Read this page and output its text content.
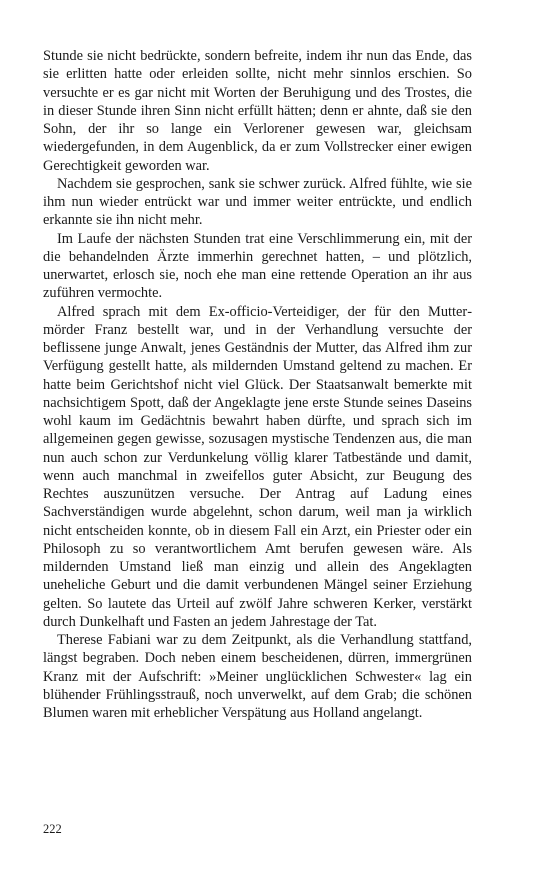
Stunde sie nicht bedrückte, sondern befreite, indem ihr nun das Ende, das sie erlitten hatte oder erleiden sollte, nicht mehr sinnlos erschien. So versuchte er es gar nicht mit Worten der Beruhigung und des Trostes, die in dieser Stunde ihren Sinn nicht erfüllt hätten; denn er ahnte, daß sie den Sohn, der ihr so lange ein Verlorener gewesen war, gleichsam wiedergefunden, in dem Augenblick, da er zum Vollstrecker einer ewigen Gerechtigkeit geworden war.

Nachdem sie gesprochen, sank sie schwer zurück. Alfred fühlte, wie sie ihm nun wieder entrückt war und immer weiter entrückte, und endlich erkannte sie ihn nicht mehr.

Im Laufe der nächsten Stunden trat eine Verschlimmerung ein, mit der die behandelnden Ärzte immerhin gerechnet hatten, – und plötzlich, unerwartet, erlosch sie, noch ehe man eine rettende Operation an ihr aus zuführen vermochte.

Alfred sprach mit dem Ex-officio-Verteidiger, der für den Muttermörder Franz bestellt war, und in der Verhandlung versuchte der beflissene junge Anwalt, jenes Geständnis der Mutter, das Alfred ihm zur Verfügung gestellt hatte, als mildernden Umstand geltend zu machen. Er hatte beim Gerichtshof nicht viel Glück. Der Staatsanwalt bemerkte mit nachsichtigem Spott, daß der Angeklagte jene erste Stunde seines Daseins wohl kaum im Gedächtnis bewahrt haben dürfte, und sprach sich im allgemeinen gegen gewisse, sozusagen mystische Tendenzen aus, die man nun auch schon zur Verdunkelung völlig klarer Tatbestände und damit, wenn auch manchmal in zweifellos guter Absicht, zur Beugung des Rechtes auszunützen versuche. Der Antrag auf Ladung eines Sachverständigen wurde abgelehnt, schon darum, weil man ja wirklich nicht entscheiden konnte, ob in diesem Fall ein Arzt, ein Priester oder ein Philosoph zu so verantwortlichem Amt berufen gewesen wäre. Als mildernden Umstand ließ man einzig und allein des Angeklagten uneheliche Geburt und die damit verbundenen Mängel seiner Erziehung gelten. So lautete das Urteil auf zwölf Jahre schweren Kerker, verstärkt durch Dunkelhaft und Fasten an jedem Jahrestage der Tat.

Therese Fabiani war zu dem Zeitpunkt, als die Verhandlung stattfand, längst begraben. Doch neben einem bescheidenen, dürren, immergrünen Kranz mit der Aufschrift: »Meiner unglücklichen Schwester« lag ein blühender Frühlingsstrauß, noch unverwelkt, auf dem Grab; die schönen Blumen waren mit erheblicher Verspätung aus Holland angelangt.

222
